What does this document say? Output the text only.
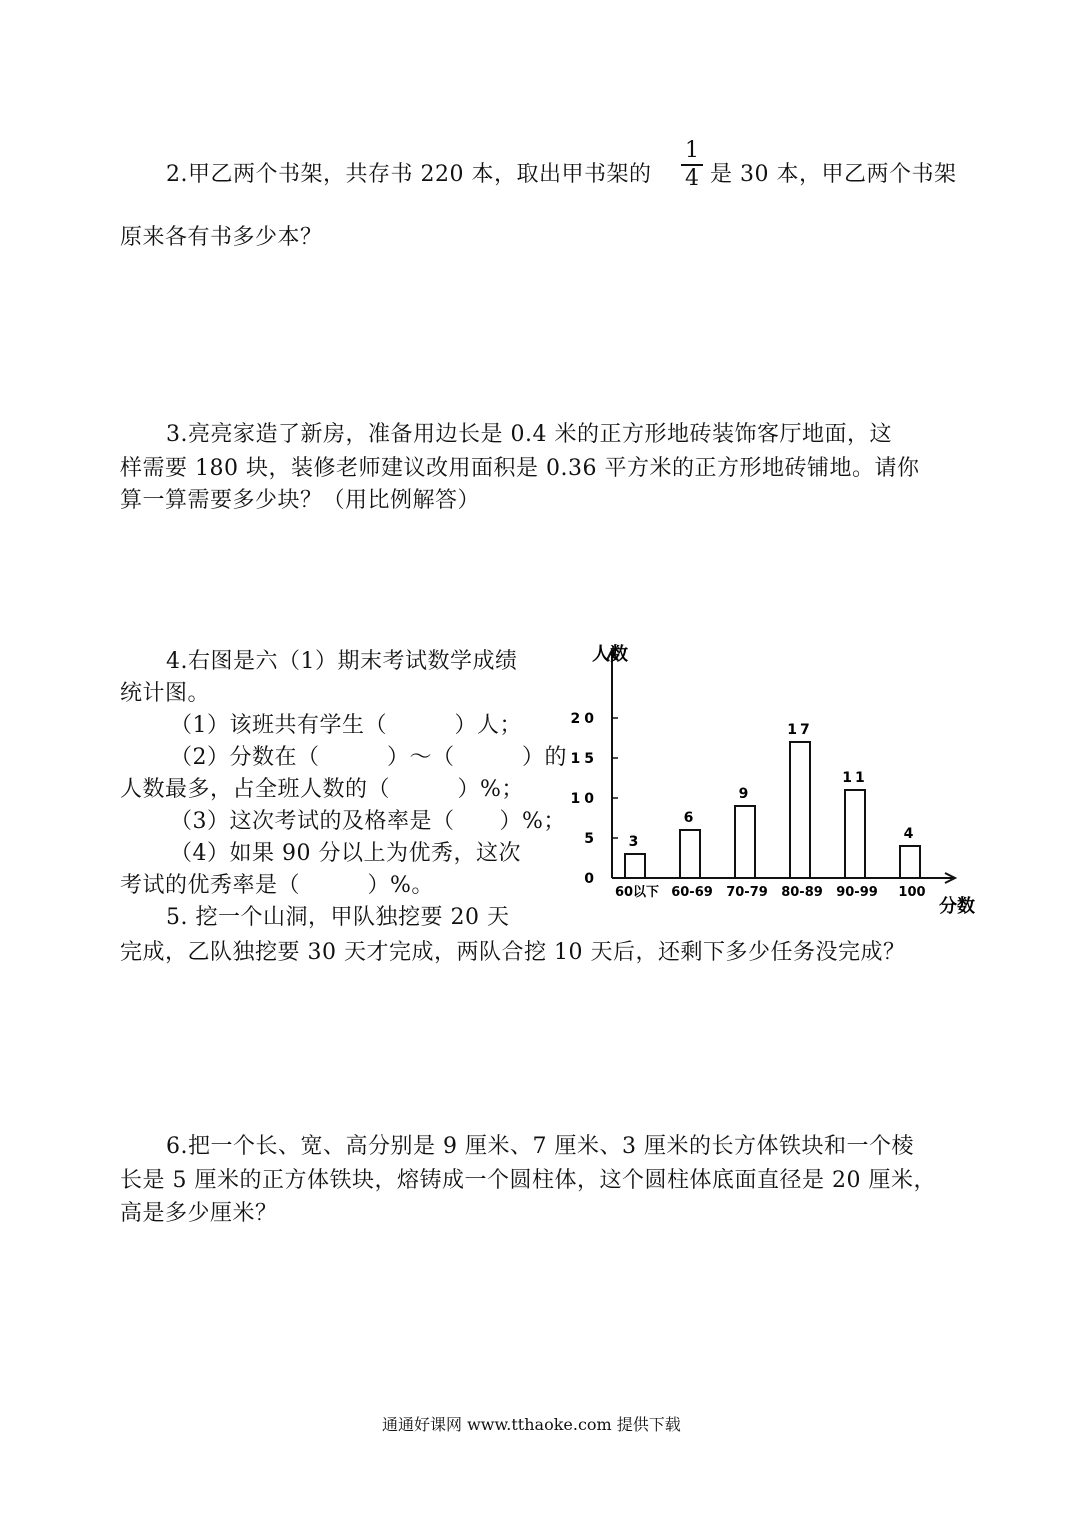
2.甲乙两个书架，共存书 220 本，取出甲书架的
1
4 是 30 本，甲乙两个书架
原来各有书多少本？
3.亮亮家造了新房，准备用边长是 0.4 米的正方形地砖装饰客厅地面，这
样需要 180 块，装修老师建议改用面积是 0.36 平方米的正方形地砖铺地。请你
算一算需要多少块？（用比例解答）
4.右图是六（1）期末考试数学成绩
统计图。
（1）该班共有学生（　　　）人；
（2）分数在（　　　）～（　　　）的
人数最多，占全班人数的（　　　）%；
（3）这次考试的及格率是（　　）%；
（4）如果 90 分以上为优秀，这次
考试的优秀率是（　　　）%。
5. 挖一个山洞，甲队独挖要 20 天
完成，乙队独挖要 30 天才完成，两队合挖 10 天后，还剩下多少任务没完成？
6.把一个长、宽、高分别是 9 厘米、7 厘米、3 厘米的长方体铁块和一个棱
长是 5 厘米的正方体铁块，熔铸成一个圆柱体，这个圆柱体底面直径是 20 厘米，
高是多少厘米？
人数
分数
0
5
10
15
20
3
60以下
6
60-69
9
70-79
17
80-89
11
90-99
4
100
通通好课网 www.tthaoke.com 提供下载
